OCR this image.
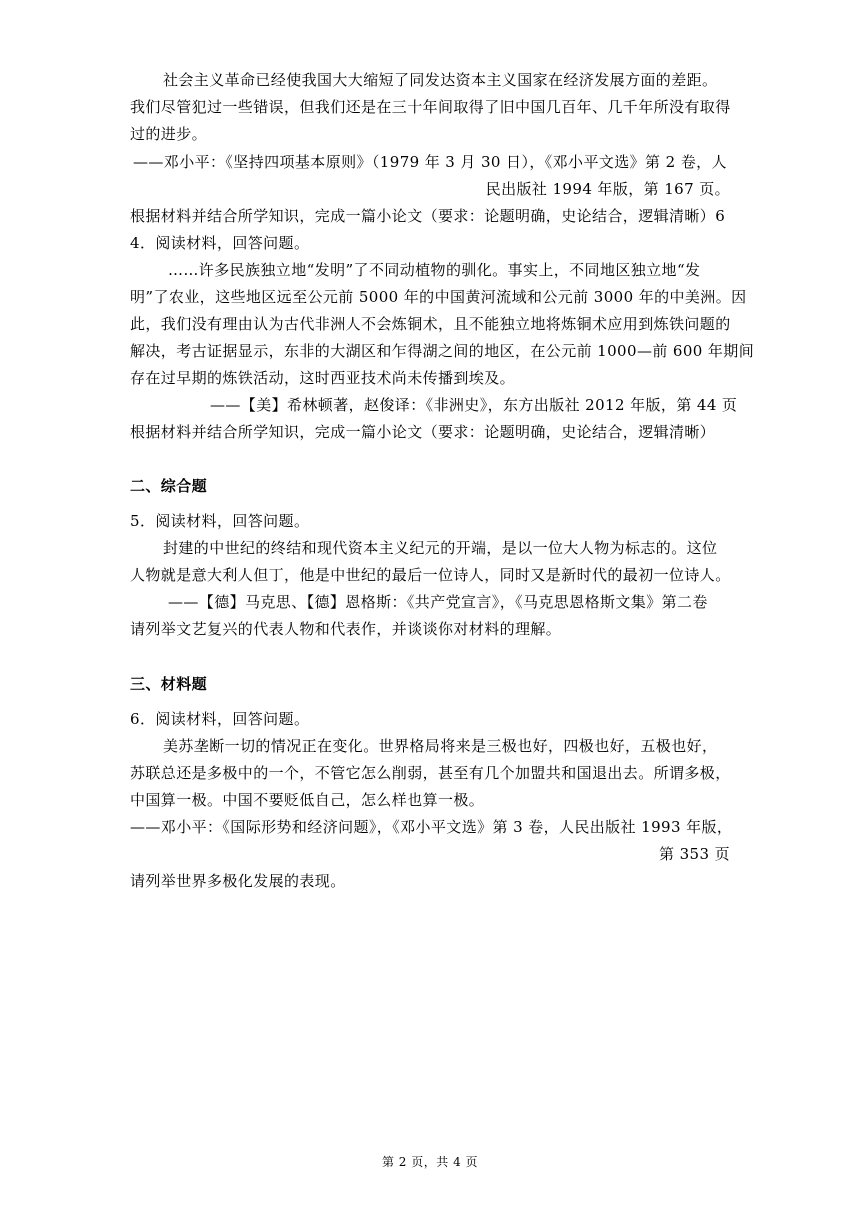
社会主义革命已经使我国大大缩短了同发达资本主义国家在经济发展方面的差距。
我们尽管犯过一些错误，但我们还是在三十年间取得了旧中国几百年、几千年所没有取得
过的进步。
——邓小平：《坚持四项基本原则》（1979 年 3 月 30 日），《邓小平文选》第 2 卷，人
民出版社 1994 年版，第 167 页。
根据材料并结合所学知识，完成一篇小论文（要求：论题明确，史论结合，逻辑清晰）6
4．阅读材料，回答问题。
……许多民族独立地“发明”了不同动植物的驯化。事实上，不同地区独立地“发
明”了农业，这些地区远至公元前 5000 年的中国黄河流域和公元前 3000 年的中美洲。因
此，我们没有理由认为古代非洲人不会炼铜术，且不能独立地将炼铜术应用到炼铁问题的
解决，考古证据显示，东非的大湖区和乍得湖之间的地区，在公元前 1000—前 600 年期间
存在过早期的炼铁活动，这时西亚技术尚未传播到埃及。
——【美】希林顿著，赵俊译：《非洲史》，东方出版社 2012 年版，第 44 页
根据材料并结合所学知识，完成一篇小论文（要求：论题明确，史论结合，逻辑清晰）
二、综合题
5．阅读材料，回答问题。
封建的中世纪的终结和现代资本主义纪元的开端，是以一位大人物为标志的。这位
人物就是意大利人但丁，他是中世纪的最后一位诗人，同时又是新时代的最初一位诗人。
——【德】马克思、【德】恩格斯：《共产党宣言》，《马克思恩格斯文集》第二卷
请列举文艺复兴的代表人物和代表作，并谈谈你对材料的理解。
三、材料题
6．阅读材料，回答问题。
美苏垄断一切的情况正在变化。世界格局将来是三极也好，四极也好，五极也好，
苏联总还是多极中的一个，不管它怎么削弱，甚至有几个加盟共和国退出去。所谓多极，
中国算一极。中国不要贬低自己，怎么样也算一极。
——邓小平：《国际形势和经济问题》，《邓小平文选》第 3 卷，人民出版社 1993 年版，
第 353 页
请列举世界多极化发展的表现。
第 2 页，共 4 页
